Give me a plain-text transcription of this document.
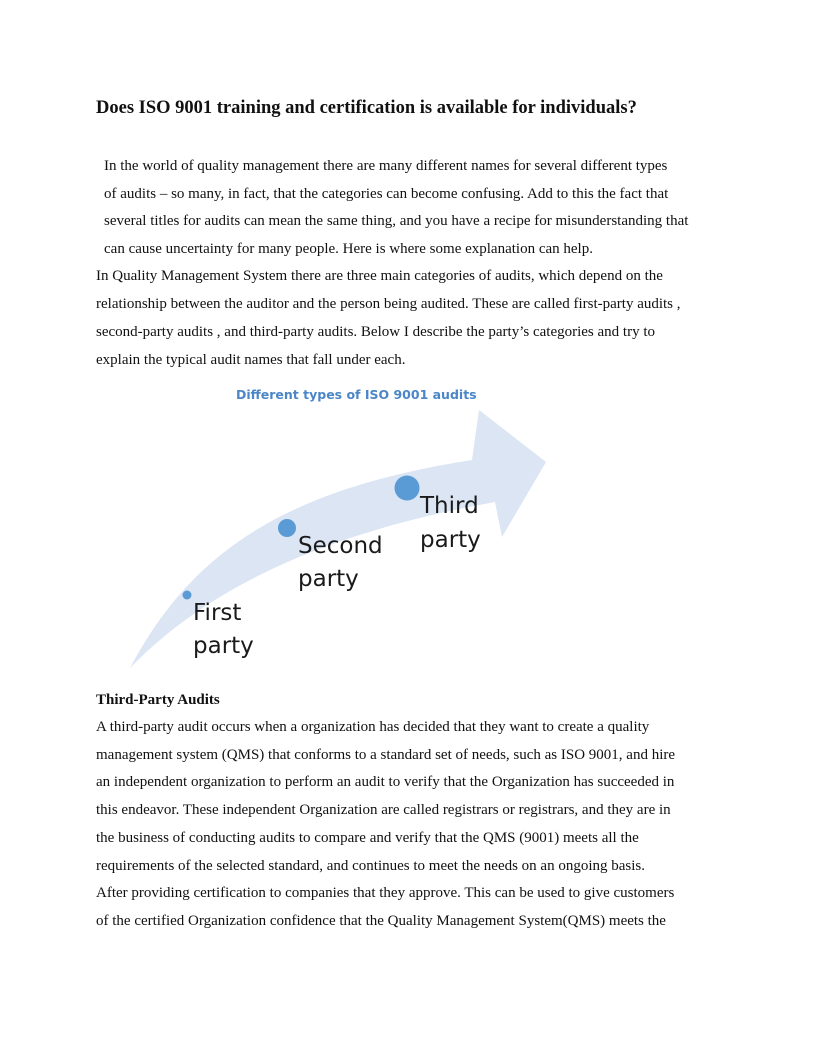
Does ISO 9001 training and certification is available for individuals?
In the world of quality management there are many different names for several different types
of audits – so many, in fact, that the categories can become confusing. Add to this the fact that
several titles for audits can mean the same thing, and you have a recipe for misunderstanding that
can cause uncertainty for many people. Here is where some explanation can help.
In Quality Management System there are three main categories of audits, which depend on the
relationship between the auditor and the person being audited. These are called first-party audits ,
second-party audits , and third-party audits. Below I describe the party’s categories and try to
explain the typical audit names that fall under each.
Different types of ISO 9001 audits
First
party
Second
party
Third
party
Third-Party Audits
A third-party audit occurs when a organization has decided that they want to create a quality
management system (QMS) that conforms to a standard set of needs, such as ISO 9001, and hire
an independent organization to perform an audit to verify that the Organization has succeeded in
this endeavor. These independent Organization are called registrars or registrars, and they are in
the business of conducting audits to compare and verify that the QMS (9001) meets all the
requirements of the selected standard, and continues to meet the needs on an ongoing basis.
After providing certification to companies that they approve. This can be used to give customers
of the certified Organization confidence that the Quality Management System(QMS) meets the
